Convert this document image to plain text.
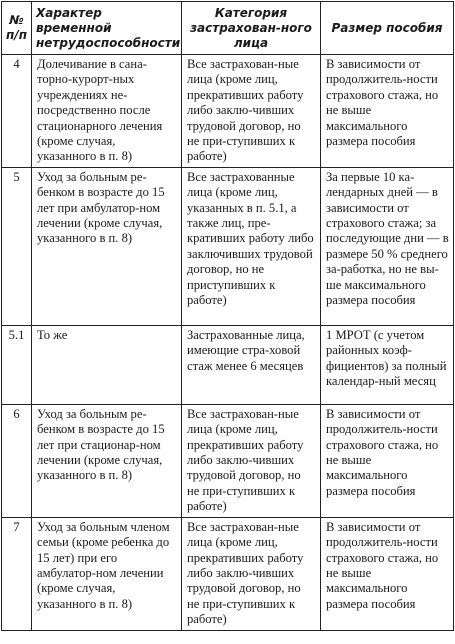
№
п/п	Характер временной нетрудоспособности	Категория застрахован-ного лица	Размер пособия
4	Долечивание в сана-торно-курорт-ных учреждениях не-посредственно после стационарного лечения (кроме случая, указанного в п. 8)	Все застрахован-ные лица (кроме лиц, прекративших работу либо заклю-чивших трудовой договор, но не при-ступивших к работе)	В зависимости от продолжитель-ности страхового стажа, но не выше максимального размера пособия
5	Уход за больным ре-бенком в возрасте до 15 лет при амбулатор-ном лечении (кроме случая, указанного в п. 8)	Все застрахованные лица (кроме лиц, указанных в п. 5.1, а также лиц, пре-кративших работу либо заключивших трудовой договор, но не приступивших к работе)	За первые 10 ка-лендарных дней — в зависимости от страхового стажа; за последующие дни — в размере 50 % среднего за-работка, но не вы-ше максимального размера пособия
5.1	То же	Застрахованные лица, имеющие стра-ховой стаж менее 6 месяцев	1 МРОТ (с учетом районных коэф-фициентов) за полный календар-ный месяц
6	Уход за больным ре-бенком в возрасте до 15 лет при стационар-ном лечении (кроме случая, указанного в п. 8)	Все застрахован-ные лица (кроме лиц, прекративших работу либо заклю-чивших трудовой договор, но не при-ступивших к работе)	В зависимости от продолжитель-ности страхового стажа, но не выше максимального размера пособия
7	Уход за больным членом семьи (кроме ребенка до 15 лет) при его амбулатор-ном лечении (кроме случая, указанного в п. 8)	Все застрахован-ные лица (кроме лиц, прекративших работу либо заклю-чивших трудовой договор, но не при-ступивших к работе)	В зависимости от продолжитель-ности страхового стажа, но не выше максимального размера пособия
